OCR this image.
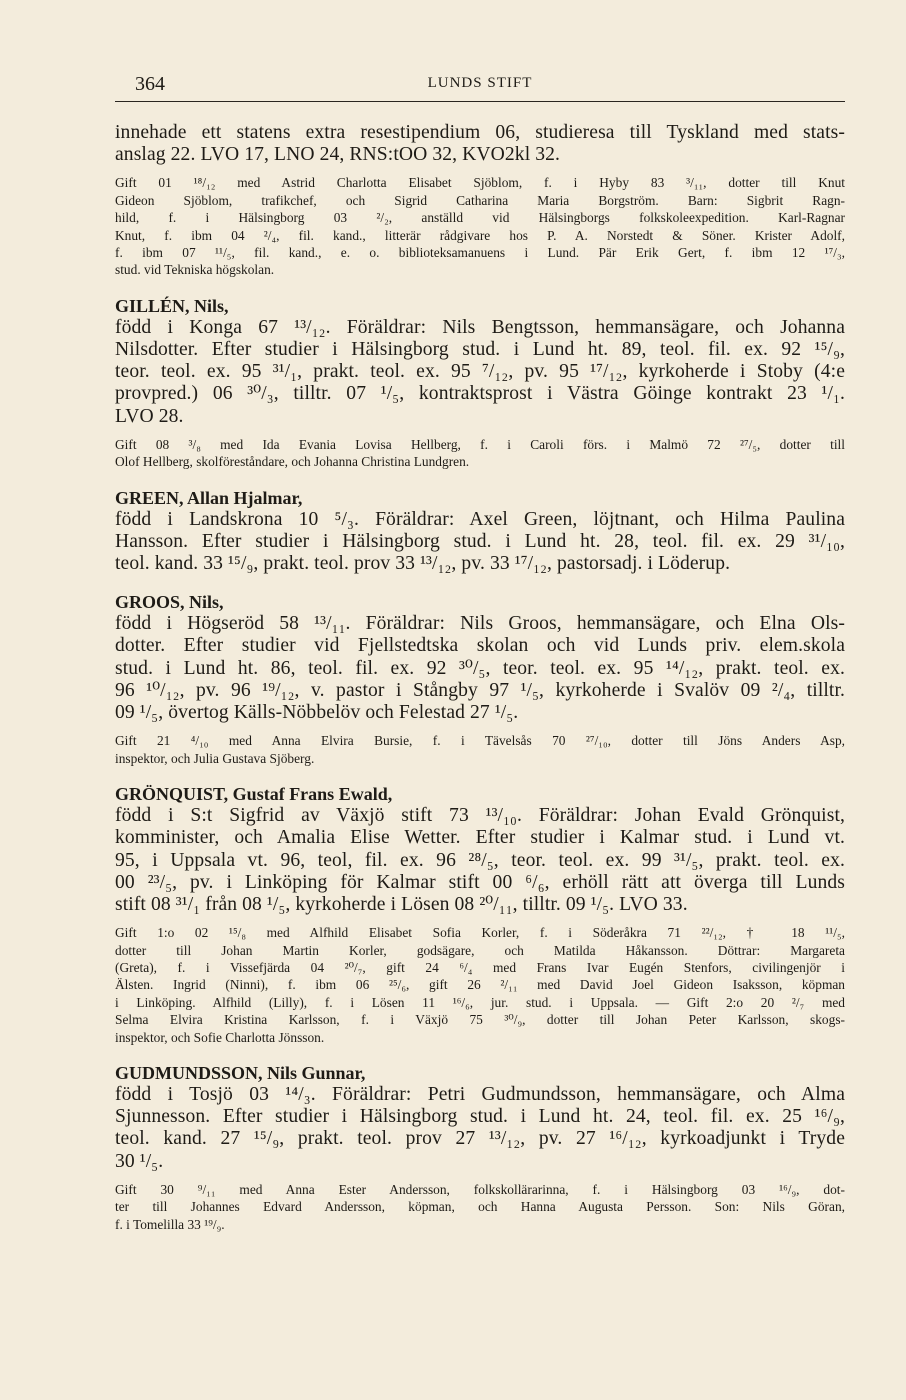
364	LUNDS STIFT
innehade ett statens extra resestipendium 06, studieresa till Tyskland med stats-
anslag 22. LVO 17, LNO 24, RNS:tOO 32, KVO2kl 32.
Gift 01 ¹⁸/₁₂ med Astrid Charlotta Elisabet Sjöblom, f. i Hyby 83 ³/₁₁, dotter till Knut
Gideon Sjöblom, trafikchef, och Sigrid Catharina Maria Borgström. Barn: Sigbrit Ragn-
hild, f. i Hälsingborg 03 ²/₂, anställd vid Hälsingborgs folkskoleexpedition. Karl-Ragnar
Knut, f. ibm 04 ²/₄, fil. kand., litterär rådgivare hos P. A. Norstedt & Söner. Krister Adolf,
f. ibm 07 ¹¹/₅, fil. kand., e. o. biblioteksamanuens i Lund. Pär Erik Gert, f. ibm 12 ¹⁷/₃,
stud. vid Tekniska högskolan.
GILLÉN, Nils,
född i Konga 67 ¹³/₁₂. Föräldrar: Nils Bengtsson, hemmansägare, och Johanna
Nilsdotter. Efter studier i Hälsingborg stud. i Lund ht. 89, teol. fil. ex. 92 ¹⁵/₉,
teor. teol. ex. 95 ³¹/₁, prakt. teol. ex. 95 ⁷/₁₂, pv. 95 ¹⁷/₁₂, kyrkoherde i Stoby (4:e
provpred.) 06 ³⁰/₃, tilltr. 07 ¹/₅, kontraktsprost i Västra Göinge kontrakt 23 ¹/₁.
LVO 28.
Gift 08 ³/₈ med Ida Evania Lovisa Hellberg, f. i Caroli förs. i Malmö 72 ²⁷/₅, dotter till
Olof Hellberg, skolföreståndare, och Johanna Christina Lundgren.
GREEN, Allan Hjalmar,
född i Landskrona 10 ⁵/₃. Föräldrar: Axel Green, löjtnant, och Hilma Paulina
Hansson. Efter studier i Hälsingborg stud. i Lund ht. 28, teol. fil. ex. 29 ³¹/₁₀,
teol. kand. 33 ¹⁵/₉, prakt. teol. prov 33 ¹³/₁₂, pv. 33 ¹⁷/₁₂, pastorsadj. i Löderup.
GROOS, Nils,
född i Högseröd 58 ¹³/₁₁. Föräldrar: Nils Groos, hemmansägare, och Elna Ols-
dotter. Efter studier vid Fjellstedtska skolan och vid Lunds priv. elem.skola
stud. i Lund ht. 86, teol. fil. ex. 92 ³⁰/₅, teor. teol. ex. 95 ¹⁴/₁₂, prakt. teol. ex.
96 ¹⁰/₁₂, pv. 96 ¹⁹/₁₂, v. pastor i Stångby 97 ¹/₅, kyrkoherde i Svalöv 09 ²/₄, tilltr.
09 ¹/₅, övertog Källs-Nöbbelöv och Felestad 27 ¹/₅.
Gift 21 ⁴/₁₀ med Anna Elvira Bursie, f. i Tävelsås 70 ²⁷/₁₀, dotter till Jöns Anders Asp,
inspektor, och Julia Gustava Sjöberg.
GRÖNQUIST, Gustaf Frans Ewald,
född i S:t Sigfrid av Växjö stift 73 ¹³/₁₀. Föräldrar: Johan Evald Grönquist,
komminister, och Amalia Elise Wetter. Efter studier i Kalmar stud. i Lund vt.
95, i Uppsala vt. 96, teol, fil. ex. 96 ²⁸/₅, teor. teol. ex. 99 ³¹/₅, prakt. teol. ex.
00 ²³/₅, pv. i Linköping för Kalmar stift 00 ⁶/₆, erhöll rätt att överga till Lunds
stift 08 ³¹/₁ från 08 ¹/₅, kyrkoherde i Lösen 08 ²⁰/₁₁, tilltr. 09 ¹/₅. LVO 33.
Gift 1:o 02 ¹⁵/₈ med Alfhild Elisabet Sofia Korler, f. i Söderåkra 71 ²²/₁₂, † 18 ¹¹/₅,
dotter till Johan Martin Korler, godsägare, och Matilda Håkansson. Döttrar: Margareta
(Greta), f. i Vissefjärda 04 ²⁰/₇, gift 24 ⁶/₄ med Frans Ivar Eugén Stenfors, civilingenjör i
Älsten. Ingrid (Ninni), f. ibm 06 ²⁵/₆, gift 26 ²/₁₁ med David Joel Gideon Isaksson, köpman
i Linköping. Alfhild (Lilly), f. i Lösen 11 ¹⁶/₆, jur. stud. i Uppsala. — Gift 2:o 20 ²/₇ med
Selma Elvira Kristina Karlsson, f. i Växjö 75 ³⁰/₉, dotter till Johan Peter Karlsson, skogs-
inspektor, och Sofie Charlotta Jönsson.
GUDMUNDSSON, Nils Gunnar,
född i Tosjö 03 ¹⁴/₃. Föräldrar: Petri Gudmundsson, hemmansägare, och Alma
Sjunnesson. Efter studier i Hälsingborg stud. i Lund ht. 24, teol. fil. ex. 25 ¹⁶/₉,
teol. kand. 27 ¹⁵/₉, prakt. teol. prov 27 ¹³/₁₂, pv. 27 ¹⁶/₁₂, kyrkoadjunkt i Tryde
30 ¹/₅.
Gift 30 ⁹/₁₁ med Anna Ester Andersson, folkskollärarinna, f. i Hälsingborg 03 ¹⁶/₉, dot-
ter till Johannes Edvard Andersson, köpman, och Hanna Augusta Persson. Son: Nils Göran,
f. i Tomelilla 33 ¹⁹/₉.
